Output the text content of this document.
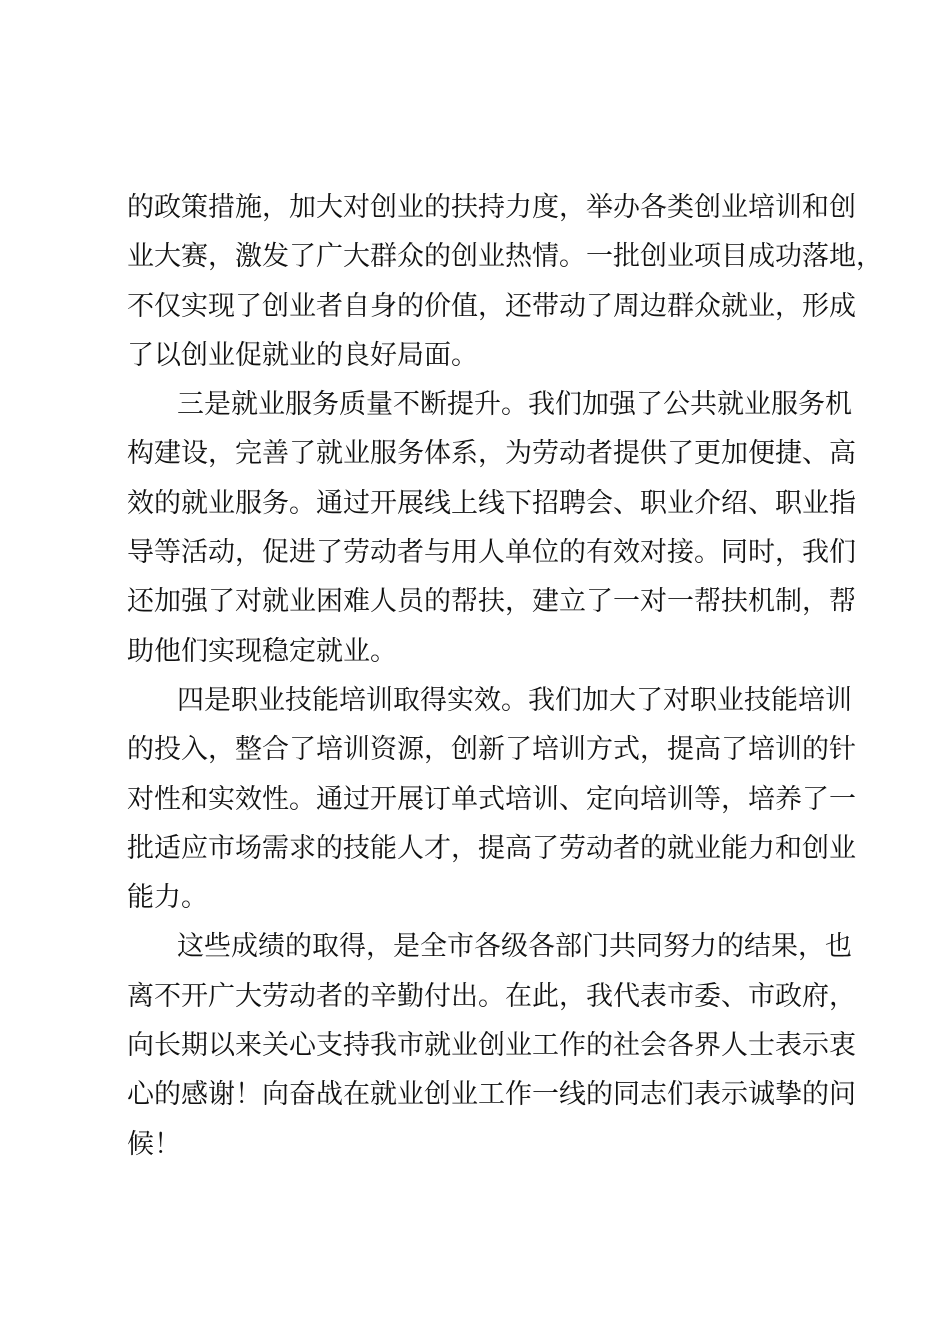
的政策措施，加大对创业的扶持力度，举办各类创业培训和创
业大赛，激发了广大群众的创业热情。一批创业项目成功落地，
不仅实现了创业者自身的价值，还带动了周边群众就业，形成
了以创业促就业的良好局面。
三是就业服务质量不断提升。我们加强了公共就业服务机
构建设，完善了就业服务体系，为劳动者提供了更加便捷、高
效的就业服务。通过开展线上线下招聘会、职业介绍、职业指
导等活动，促进了劳动者与用人单位的有效对接。同时，我们
还加强了对就业困难人员的帮扶，建立了一对一帮扶机制，帮
助他们实现稳定就业。
四是职业技能培训取得实效。我们加大了对职业技能培训
的投入，整合了培训资源，创新了培训方式，提高了培训的针
对性和实效性。通过开展订单式培训、定向培训等，培养了一
批适应市场需求的技能人才，提高了劳动者的就业能力和创业
能力。
这些成绩的取得，是全市各级各部门共同努力的结果，也
离不开广大劳动者的辛勤付出。在此，我代表市委、市政府，
向长期以来关心支持我市就业创业工作的社会各界人士表示衷
心的感谢！向奋战在就业创业工作一线的同志们表示诚挚的问
候！
